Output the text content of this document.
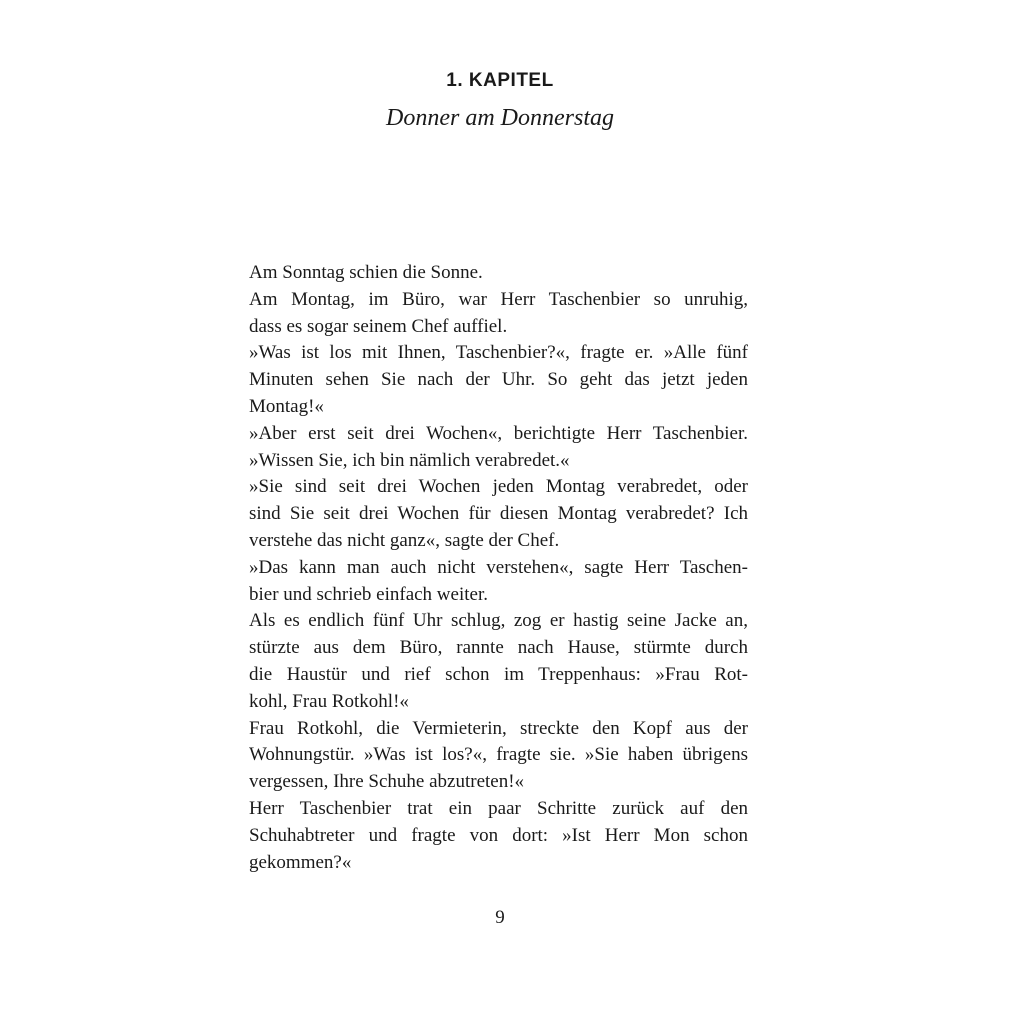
1. KAPITEL
Donner am Donnerstag
Am Sonntag schien die Sonne.
Am Montag, im Büro, war Herr Taschenbier so unruhig,
dass es sogar seinem Chef auffiel.
»Was ist los mit Ihnen, Taschenbier?«, fragte er. »Alle fünf
Minuten sehen Sie nach der Uhr. So geht das jetzt jeden
Montag!«
»Aber erst seit drei Wochen«, berichtigte Herr Taschenbier.
»Wissen Sie, ich bin nämlich verabredet.«
»Sie sind seit drei Wochen jeden Montag verabredet, oder
sind Sie seit drei Wochen für diesen Montag verabredet? Ich
verstehe das nicht ganz«, sagte der Chef.
»Das kann man auch nicht verstehen«, sagte Herr Taschen-
bier und schrieb einfach weiter.
Als es endlich fünf Uhr schlug, zog er hastig seine Jacke an,
stürzte aus dem Büro, rannte nach Hause, stürmte durch
die Haustür und rief schon im Treppenhaus: »Frau Rot-
kohl, Frau Rotkohl!«
Frau Rotkohl, die Vermieterin, streckte den Kopf aus der
Wohnungstür. »Was ist los?«, fragte sie. »Sie haben übrigens
vergessen, Ihre Schuhe abzutreten!«
Herr Taschenbier trat ein paar Schritte zurück auf den
Schuhabtreter und fragte von dort: »Ist Herr Mon schon
gekommen?«
9
